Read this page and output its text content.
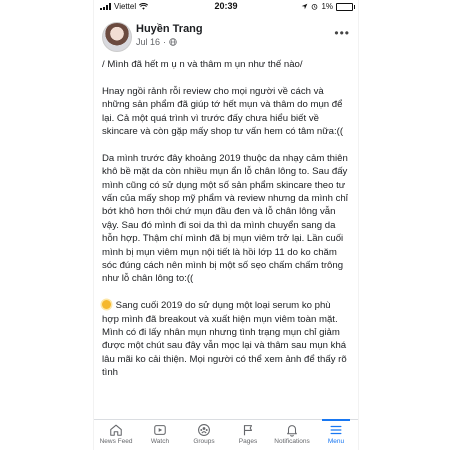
Viettel	20:39	1%
Huyền Trang
Jul 16 ·
•••

/ Mình đã hết m ụ n và thâm m ụn như thế nào/

Hnay ngồi rảnh rỗi review cho mọi người về cách và những sản phẩm đã giúp tớ hết mụn và thâm do mụn để lại. Cả một quá trình vì trước đấy chưa hiểu biết về skincare và còn gặp mấy shop tư vấn hem có tâm nữa:((

Da mình trước đây khoảng 2019 thuộc da nhạy cảm thiên khô bề mặt da còn nhiều mụn ẩn lỗ chân lông to. Sau đấy mình cũng có sử dụng một số sản phẩm skincare theo tư vấn của mấy shop mỹ phẩm và review nhưng da mình chỉ bớt khô hơn thôi chứ mụn đầu đen và lỗ chân lông vẫn vậy. Sau đó mình đi soi da thì da mình chuyển sang da hỗn hợp. Thậm chí mình đã bị mụn viêm trở lại. Lần cuối mình bị mụn viêm mụn nội tiết là hồi lớp 11 do ko chăm sóc đúng cách nên mình bị một số sẹo chấm chấm trông như lỗ chân lông to:((

Sang cuối 2019 do sử dụng một loại serum ko phù hợp mình đã breakout và xuất hiện mụn viêm toàn mặt. Mình có đi lấy nhân mụn nhưng tình trạng mụn chỉ giảm được một chút sau đây vẫn mọc lại và thâm sau mụn khá lâu mãi ko cải thiện. Mọi người có thể xem ảnh để thấy rõ tình

News Feed	Watch	Groups	Pages	Notifications	Menu
